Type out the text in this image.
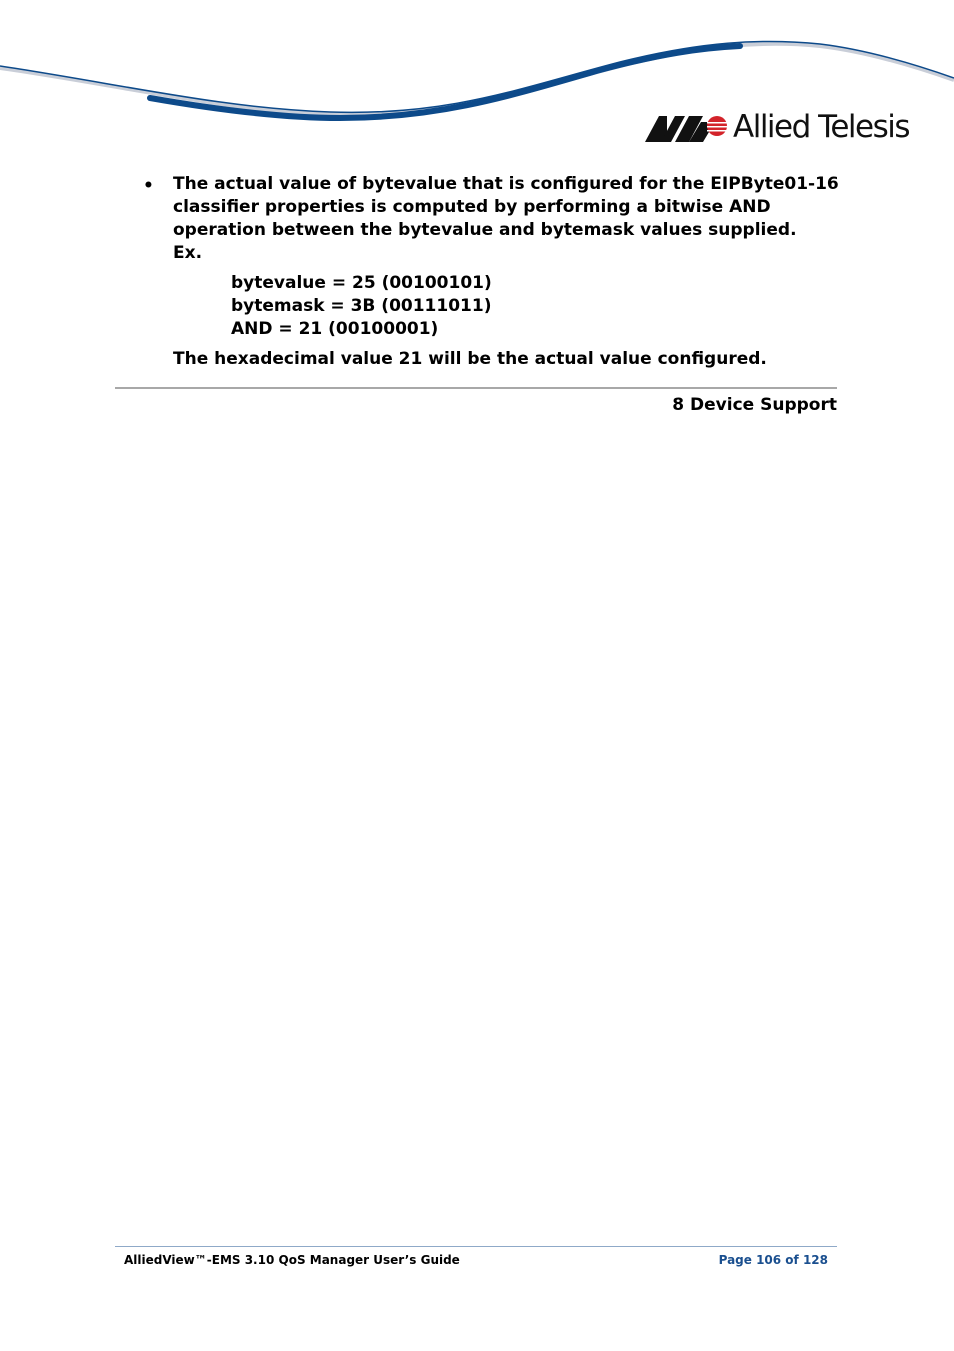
Allied Telesis
• The actual value of bytevalue that is configured for the EIPByte01-16 classifier properties is computed by performing a bitwise AND operation between the bytevalue and bytemask values supplied.

Ex.
bytevalue = 25 (00100101)
bytemask = 3B (00111011)
AND = 21 (00100001)
The hexadecimal value 21 will be the actual value configured.
8 Device Support
AlliedView™-EMS 3.10 QoS Manager User’s Guide	Page 106 of 128
